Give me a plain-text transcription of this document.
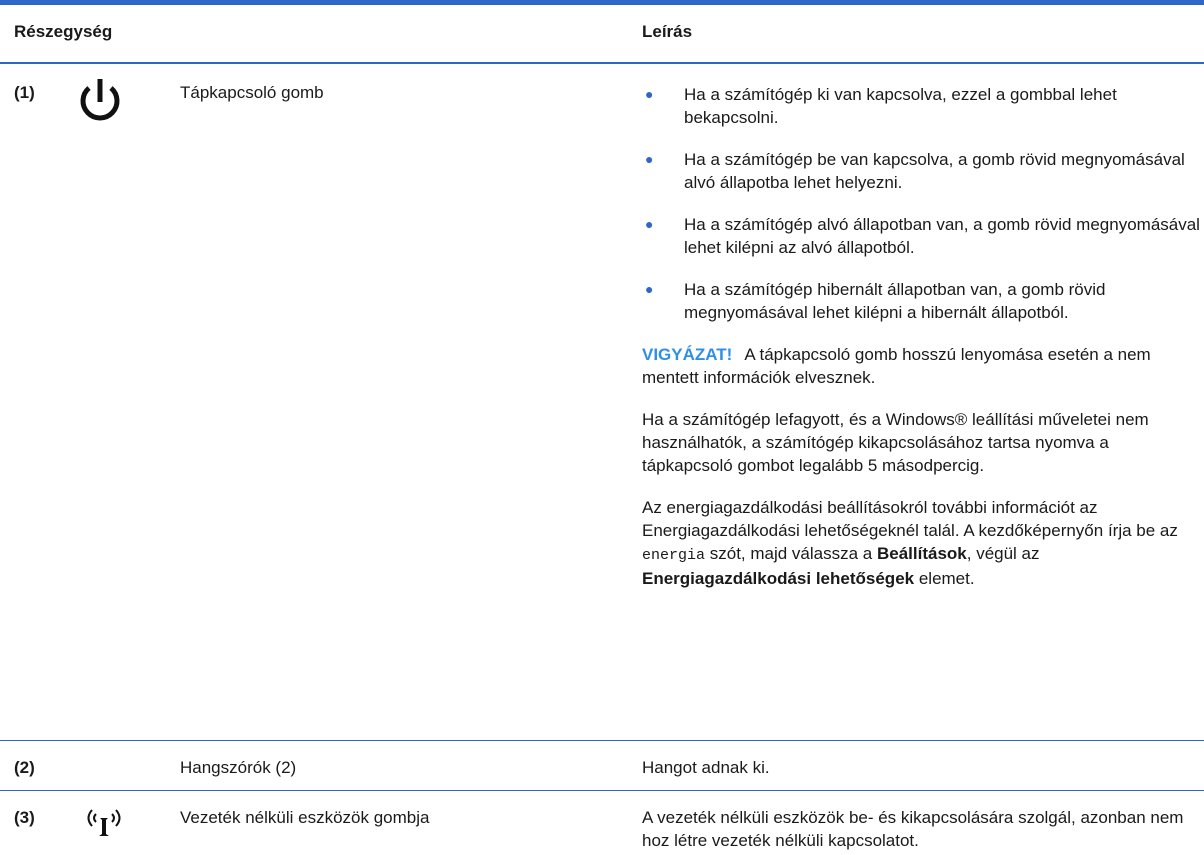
Részegység	Leírás
(1)	Tápkapcsoló gomb	● Ha a számítógép ki van kapcsolva, ezzel a gombbal lehet bekapcsolni.
● Ha a számítógép be van kapcsolva, a gomb rövid megnyomásával alvó állapotba lehet helyezni.
● Ha a számítógép alvó állapotban van, a gomb rövid megnyomásával lehet kilépni az alvó állapotból.
● Ha a számítógép hibernált állapotban van, a gomb rövid megnyomásával lehet kilépni a hibernált állapotból.
VIGYÁZAT! A tápkapcsoló gomb hosszú lenyomása esetén a nem mentett információk elvesznek.
Ha a számítógép lefagyott, és a Windows® leállítási műveletei nem használhatók, a számítógép kikapcsolásához tartsa nyomva a tápkapcsoló gombot legalább 5 másodpercig.
Az energiagazdálkodási beállításokról további információt az Energiagazdálkodási lehetőségeknél talál. A kezdőképernyőn írja be az energia szót, majd válassza a Beállítások, végül az Energiagazdálkodási lehetőségek elemet.
(2)	Hangszórók (2)	Hangot adnak ki.
(3)	Vezeték nélküli eszközök gombja	A vezeték nélküli eszközök be- és kikapcsolására szolgál, azonban nem hoz létre vezeték nélküli kapcsolatot.
